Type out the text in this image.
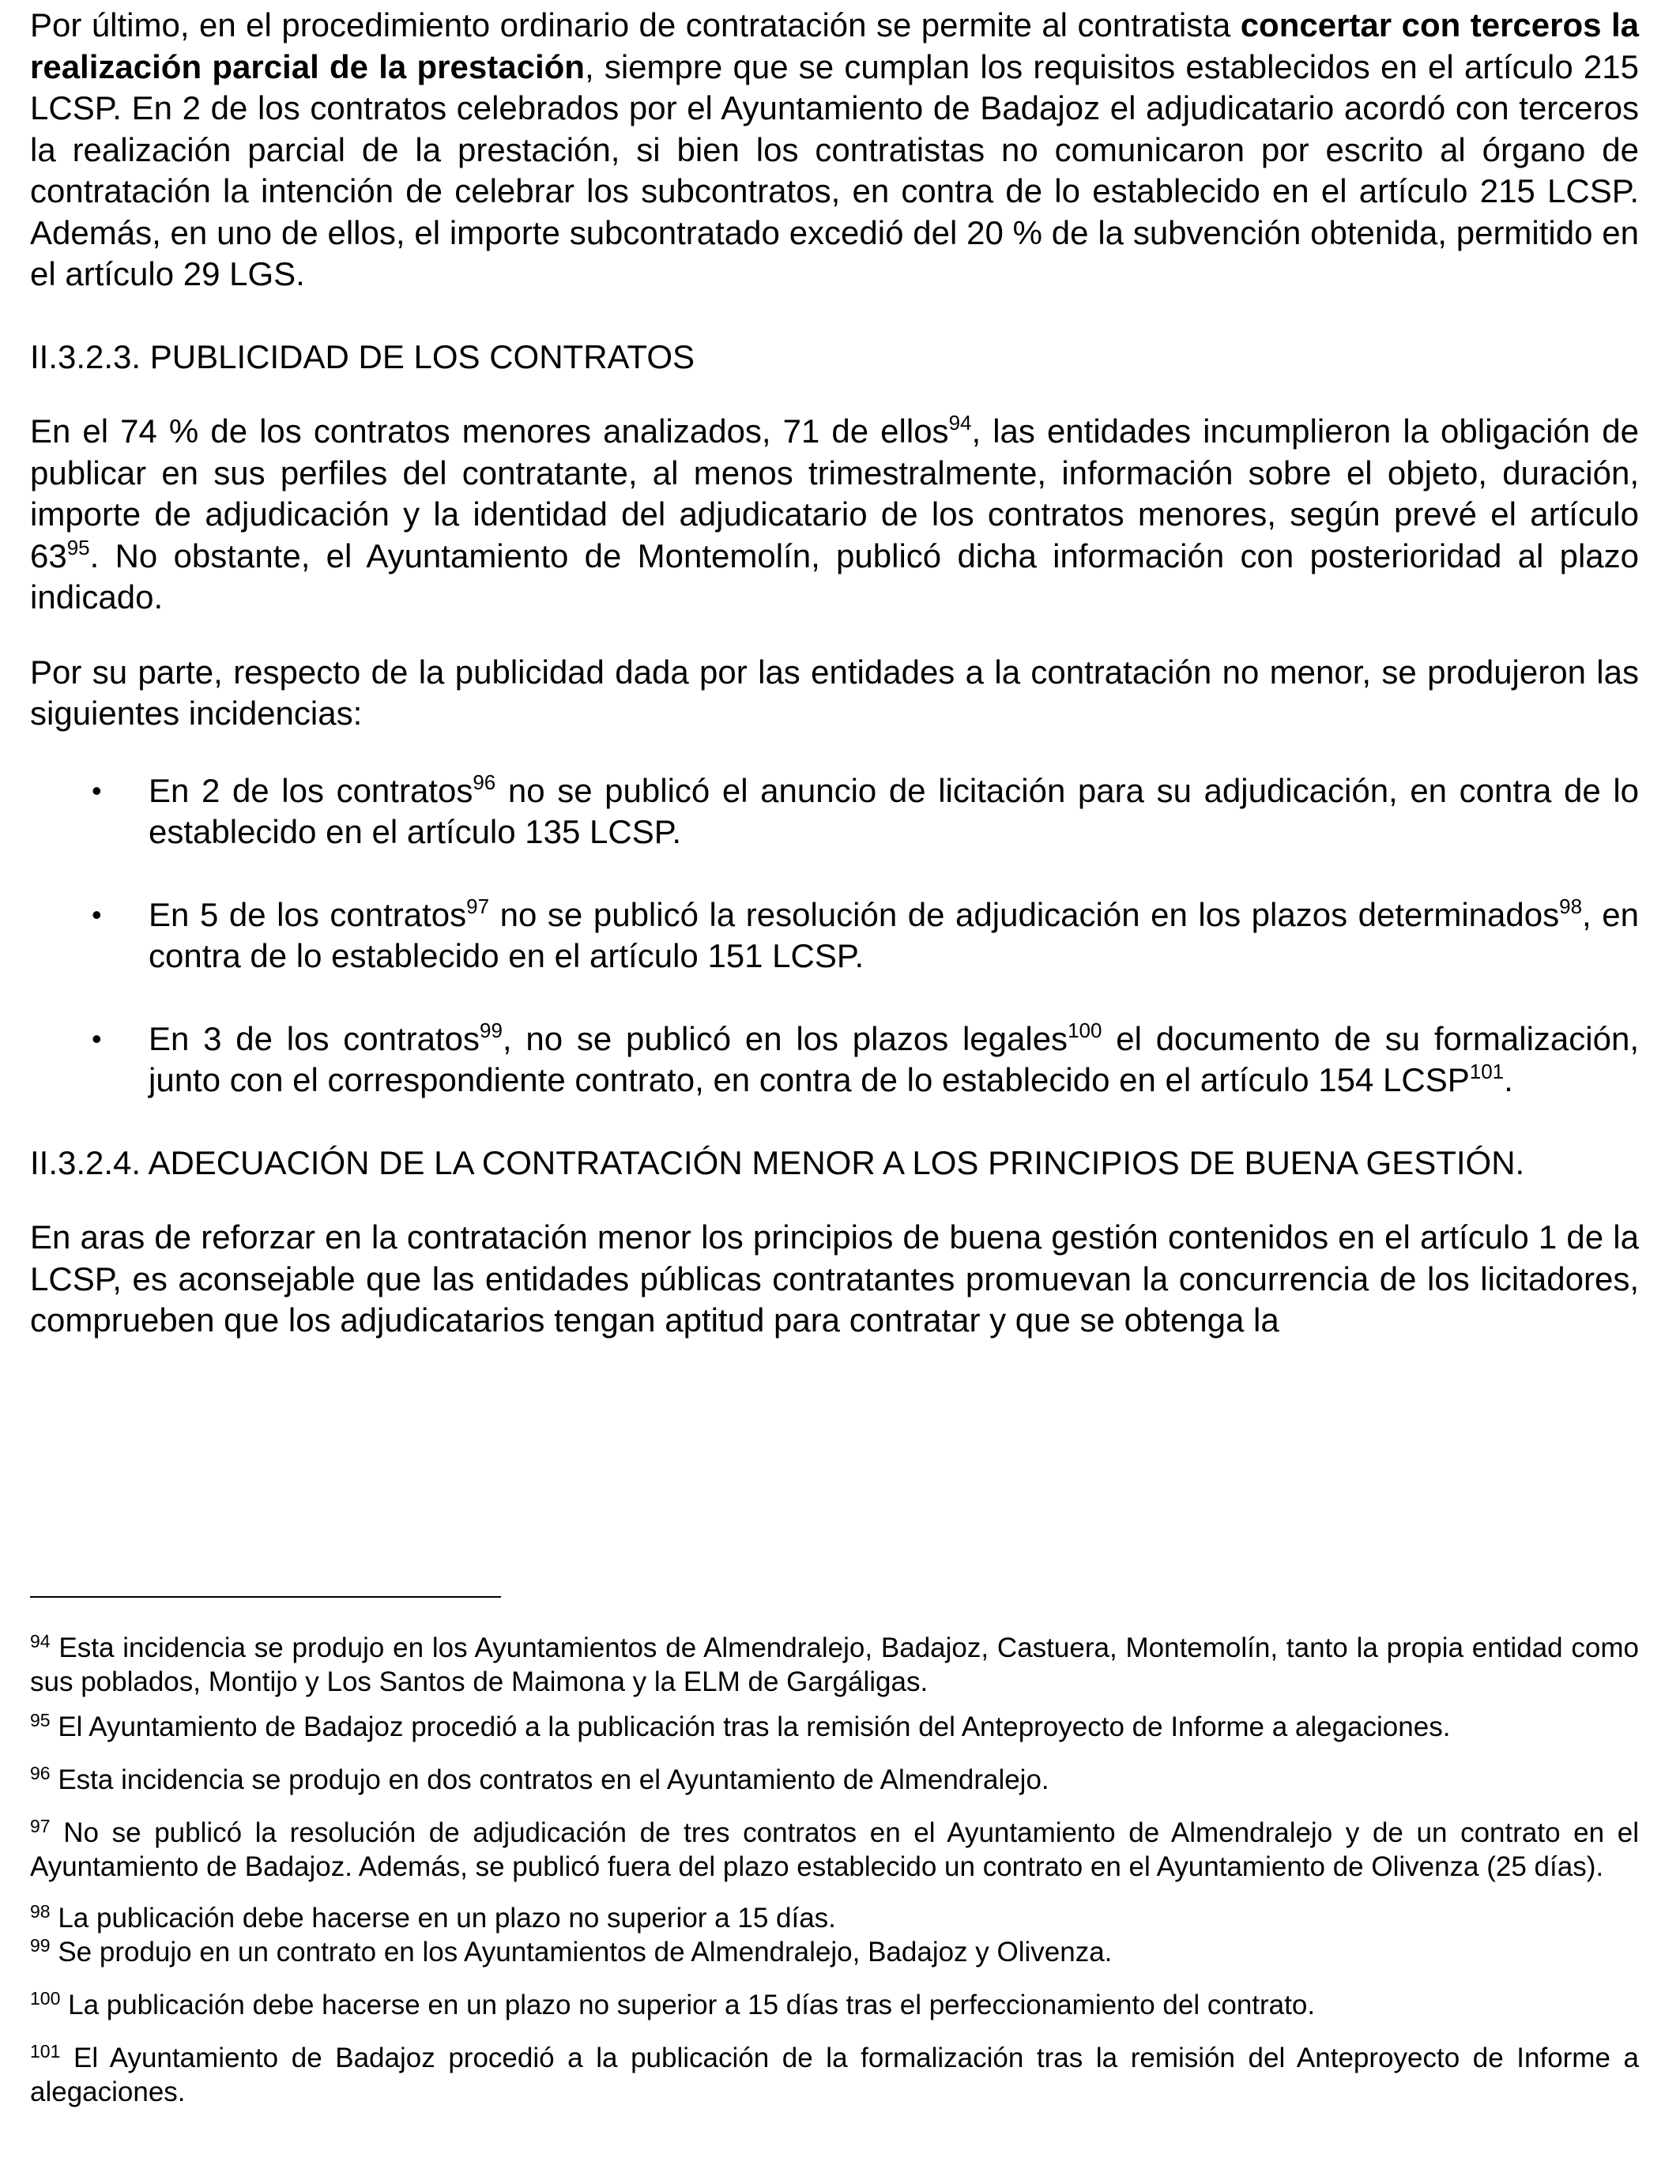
Por último, en el procedimiento ordinario de contratación se permite al contratista concertar con terceros la realización parcial de la prestación, siempre que se cumplan los requisitos establecidos en el artículo 215 LCSP. En 2 de los contratos celebrados por el Ayuntamiento de Badajoz el adjudicatario acordó con terceros la realización parcial de la prestación, si bien los contratistas no comunicaron por escrito al órgano de contratación la intención de celebrar los subcontratos, en contra de lo establecido en el artículo 215 LCSP. Además, en uno de ellos, el importe subcontratado excedió del 20 % de la subvención obtenida, permitido en el artículo 29 LGS.

II.3.2.3. PUBLICIDAD DE LOS CONTRATOS

En el 74 % de los contratos menores analizados, 71 de ellos$^{94}$, las entidades incumplieron la obligación de publicar en sus perfiles del contratante, al menos trimestralmente, información sobre el objeto, duración, importe de adjudicación y la identidad del adjudicatario de los contratos menores, según prevé el artículo $63^{95}$. No obstante, el Ayuntamiento de Montemolín, publicó dicha información con posterioridad al plazo indicado.

Por su parte, respecto de la publicidad dada por las entidades a la contratación no menor, se produjeron las siguientes incidencias:

• En 2 de los contratos$^{96}$ no se publicó el anuncio de licitación para su adjudicación, en contra de lo establecido en el artículo 135 LCSP.
• En 5 de los contratos$^{97}$ no se publicó la resolución de adjudicación en los plazos determinados$^{98}$, en contra de lo establecido en el artículo 151 LCSP.
• En 3 de los contratos$^{99}$, no se publicó en los plazos legales$^{100}$ el documento de su formalización, junto con el correspondiente contrato, en contra de lo establecido en el artículo 154 LCSP$^{101}$.

II.3.2.4. ADECUACIÓN DE LA CONTRATACIÓN MENOR A LOS PRINCIPIOS DE BUENA GESTIÓN.

En aras de reforzar en la contratación menor los principios de buena gestión contenidos en el artículo 1 de la LCSP, es aconsejable que las entidades públicas contratantes promuevan la concurrencia de los licitadores, comprueben que los adjudicatarios tengan aptitud para contratar y que se obtenga la

$^{94}$ Esta incidencia se produjo en los Ayuntamientos de Almendralejo, Badajoz, Castuera, Montemolín, tanto la propia entidad como sus poblados, Montijo y Los Santos de Maimona y la ELM de Gargáligas.

$^{95}$ El Ayuntamiento de Badajoz procedió a la publicación tras la remisión del Anteproyecto de Informe a alegaciones.

$^{96}$ Esta incidencia se produjo en dos contratos en el Ayuntamiento de Almendralejo.

$^{97}$ No se publicó la resolución de adjudicación de tres contratos en el Ayuntamiento de Almendralejo y de un contrato en el Ayuntamiento de Badajoz. Además, se publicó fuera del plazo establecido un contrato en el Ayuntamiento de Olivenza (25 días).

$^{98}$ La publicación debe hacerse en un plazo no superior a 15 días.

$^{99}$ Se produjo en un contrato en los Ayuntamientos de Almendralejo, Badajoz y Olivenza.

$^{100}$ La publicación debe hacerse en un plazo no superior a 15 días tras el perfeccionamiento del contrato.

$^{101}$ El Ayuntamiento de Badajoz procedió a la publicación de la formalización tras la remisión del Anteproyecto de Informe a alegaciones.
